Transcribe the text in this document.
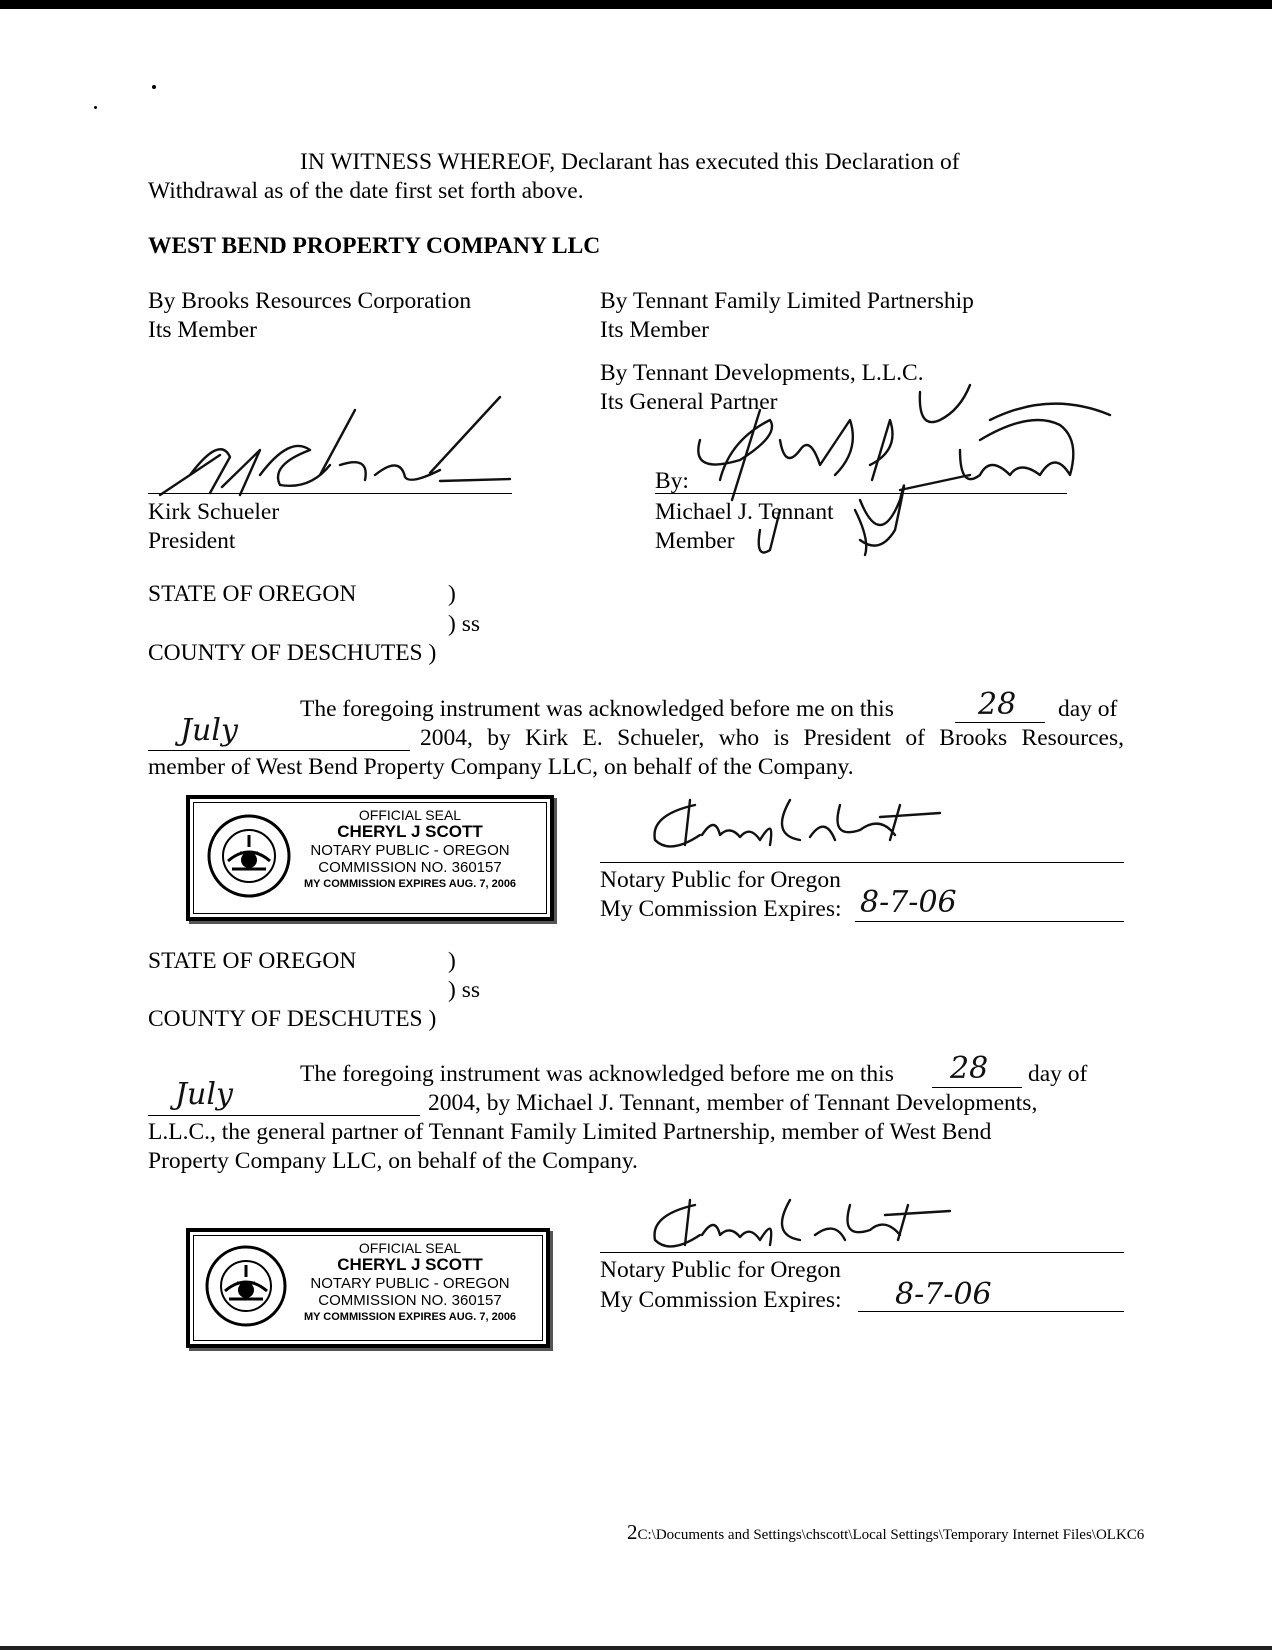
IN WITNESS WHEREOF, Declarant has executed this Declaration of
Withdrawal as of the date first set forth above.
WEST BEND PROPERTY COMPANY LLC
By Brooks Resources Corporation
Its Member
Kirk Schueler
President
By Tennant Family Limited Partnership
Its Member
By Tennant Developments, L.L.C.
Its General Partner
By:
Michael J. Tennant
Member
STATE OF OREGON	)
) ss
COUNTY OF DESCHUTES )
The foregoing instrument was acknowledged before me on this	28 day of
July	2004, by Kirk E. Schueler, who is President of Brooks Resources,
member of West Bend Property Company LLC, on behalf of the Company.
OFFICIAL SEAL
CHERYL J SCOTT
NOTARY PUBLIC - OREGON
COMMISSION NO. 360157
MY COMMISSION EXPIRES AUG. 7, 2006	Notary Public for Oregon
My Commission Expires: 8-7-06
STATE OF OREGON	)
) ss
COUNTY OF DESCHUTES )
The foregoing instrument was acknowledged before me on this 28 day of
July	2004, by Michael J. Tennant, member of Tennant Developments,
L.L.C., the general partner of Tennant Family Limited Partnership, member of West Bend
Property Company LLC, on behalf of the Company.
OFFICIAL SEAL
CHERYL J SCOTT
NOTARY PUBLIC - OREGON
COMMISSION NO. 360157
MY COMMISSION EXPIRES AUG. 7, 2006
Notary Public for Oregon
My Commission Expires: 8-7-06
2C:\Documents and Settings\chscott\Local Settings\Temporary Internet Files\OLKC6
